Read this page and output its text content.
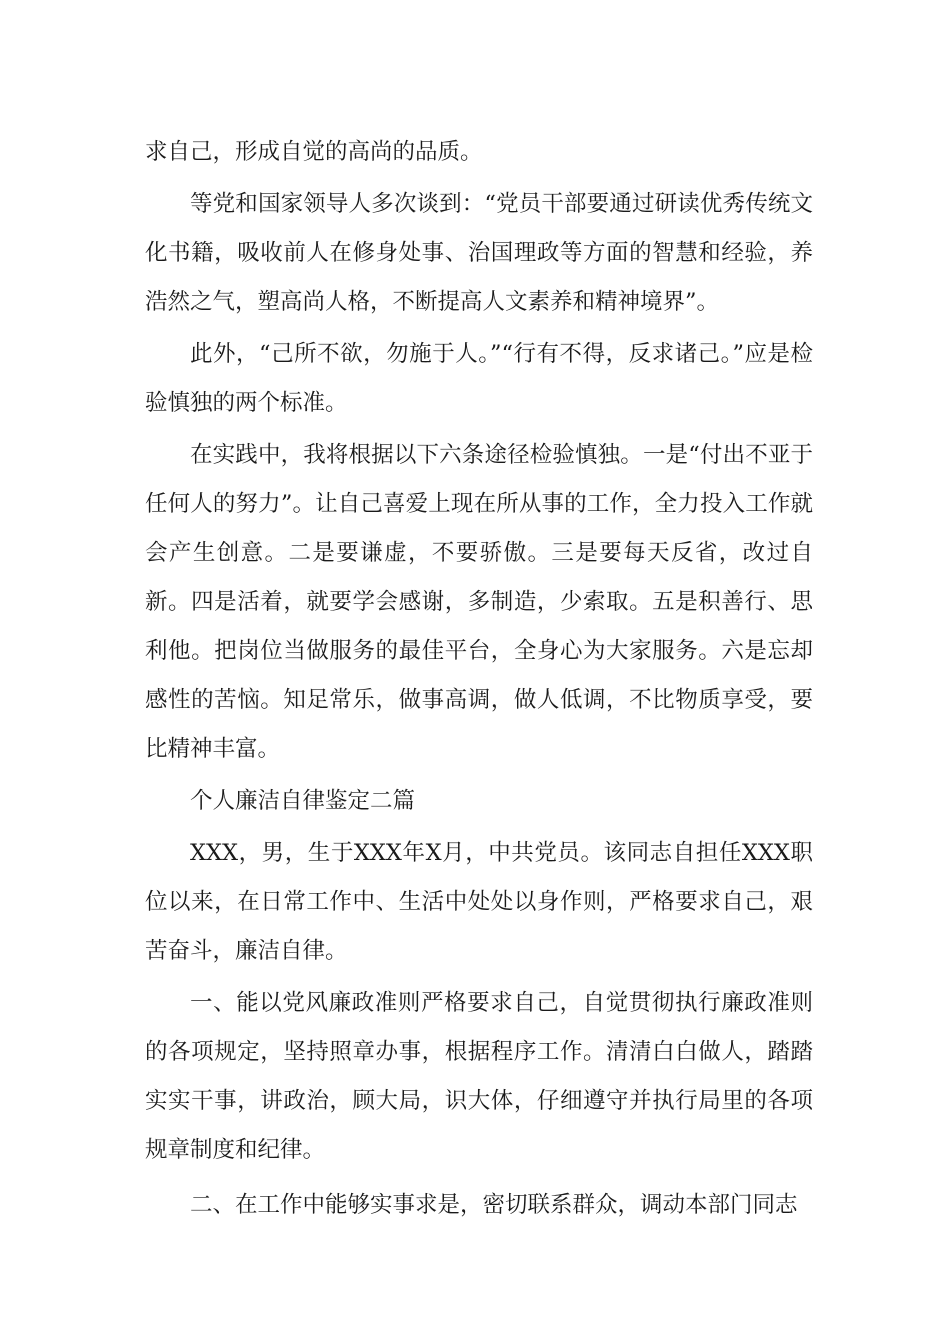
求自己，形成自觉的高尚的品质。

等党和国家领导人多次谈到：“党员干部要通过研读优秀传统文化书籍，吸收前人在修身处事、治国理政等方面的智慧和经验，养浩然之气，塑高尚人格，不断提高人文素养和精神境界”。

此外，“己所不欲，勿施于人。”“行有不得，反求诸己。”应是检验慎独的两个标准。

在实践中，我将根据以下六条途径检验慎独。一是“付出不亚于任何人的努力”。让自己喜爱上现在所从事的工作，全力投入工作就会产生创意。二是要谦虚，不要骄傲。三是要每天反省，改过自新。四是活着，就要学会感谢，多制造，少索取。五是积善行、思利他。把岗位当做服务的最佳平台，全身心为大家服务。六是忘却感性的苦恼。知足常乐，做事高调，做人低调，不比物质享受，要比精神丰富。

个人廉洁自律鉴定二篇

XXX，男，生于XXX年X月，中共党员。该同志自担任XXX职位以来，在日常工作中、生活中处处以身作则，严格要求自己，艰苦奋斗，廉洁自律。

一、能以党风廉政准则严格要求自己，自觉贯彻执行廉政准则的各项规定，坚持照章办事，根据程序工作。清清白白做人，踏踏实实干事，讲政治，顾大局，识大体，仔细遵守并执行局里的各项规章制度和纪律。

二、在工作中能够实事求是，密切联系群众，调动本部门同志
